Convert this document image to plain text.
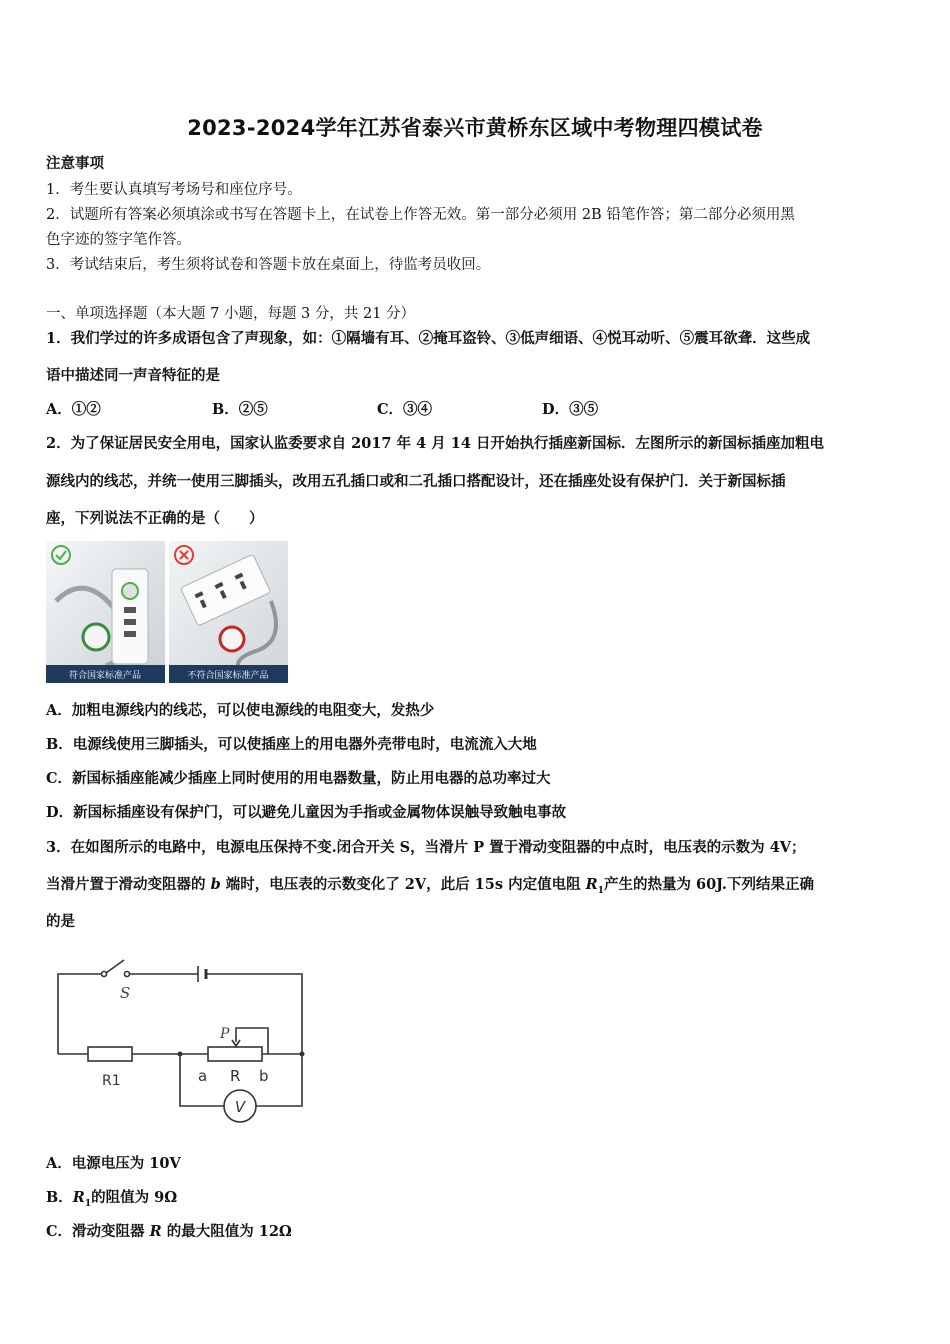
2023-2024学年江苏省泰兴市黄桥东区域中考物理四模试卷
注意事项
1．考生要认真填写考场号和座位序号。
2．试题所有答案必须填涂或书写在答题卡上，在试卷上作答无效。第一部分必须用 2B 铅笔作答；第二部分必须用黑
色字迹的签字笔作答。
3．考试结束后，考生须将试卷和答题卡放在桌面上，待监考员收回。
一、单项选择题（本大题 7 小题，每题 3 分，共 21 分）
1．我们学过的许多成语包含了声现象，如：①隔墙有耳、②掩耳盗铃、③低声细语、④悦耳动听、⑤震耳欲聋．这些成
语中描述同一声音特征的是
A．①②	B．②⑤	C．③④	D．③⑤
2．为了保证居民安全用电，国家认监委要求自 2017 年 4 月 14 日开始执行插座新国标．左图所示的新国标插座加粗电
源线内的线芯，并统一使用三脚插头，改用五孔插口或和二孔插口搭配设计，还在插座处设有保护门．关于新国标插
座，下列说法不正确的是（　　）
符合国家标准产品	不符合国家标准产品
A．加粗电源线内的线芯，可以使电源线的电阻变大，发热少
B．电源线使用三脚插头，可以使插座上的用电器外壳带电时，电流流入大地
C．新国标插座能减少插座上同时使用的用电器数量，防止用电器的总功率过大
D．新国标插座设有保护门，可以避免儿童因为手指或金属物体误触导致触电事故
3．在如图所示的电路中，电源电压保持不变.闭合开关 S，当滑片 P 置于滑动变阻器的中点时，电压表的示数为 4V；
当滑片置于滑动变阻器的 b 端时，电压表的示数变化了 2V，此后 15s 内定值电阻 $R_1$产生的热量为 60J.下列结果正确
的是
S
P
R1	a R b
V
A．电源电压为 10V
B．$R_1$的阻值为 9Ω
C．滑动变阻器 R 的最大阻值为 12Ω
